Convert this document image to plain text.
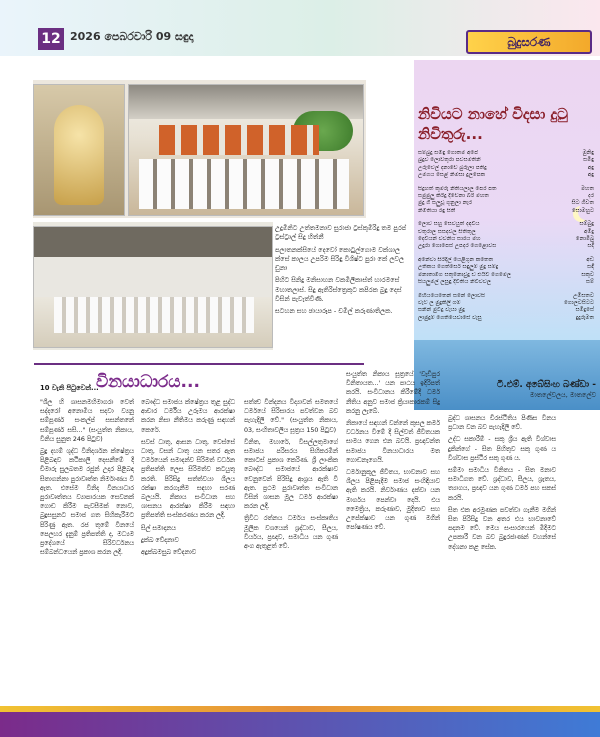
12 2026 පෙබරවාරි 09 සඳුදා	බුදුසරණ

උදුමිනිට උත්තමනාව සුරාජා ට්‍රස්කුමිරිදු තම පුරප් ට්‍රස්ට්‍රාල් සිදු හිත්නී

පලාතනක්සියේ දෙවෝ කොටුල්ගොම වක්ශාල ක්සේ කාලය උපරිම සිරිඳු විශිෂ්ට පුරා කේ ලවල ඩුනා

පිහිට සිනිදු මනිසාහන වකමිලීකාස්ත් හාරමසේ මහාතලාස්. සිදු ඇතිරිස්ත්‍රෙකුට කපිරක බුදු දෙස් විසින් පැවැත්විණි.

සටහන සහ ඡායාරූප - චමිල් කරුණාතිලක.

නිවියට නාහේ විදසා දුටු නිවිතුරු...
සම්බුදු සමිඳු ගොතම අපේ	මුනිඳු
බුදුව ලොව්තුරා පවසමතිනි	සමිඳු
උරුවෙල් දනාවේ බුරුලා පතිදු	අඳු
උමගය සෙළ් නිමසා දුලපෙක	අඳු
සිදුහත් කුමරු නිතියලාල පෙර පත	මහත
සමුමුලු කිරීදු දිවේනා බිරී මහත	දර
මුදු ගී සලුවූ ගුනුලා නැර	සිට ගිවත
නිමිතියා රඳු සිතී	සොමහුට
ලොව සහු සෙවයුත් දඳවිය	සම්බුදු
චතුරාල සසදවල සිතිතුල	අමිදු
දෙවියන් වවනිය සාරය මහ	නොමිබු
උදුරා ගොපෙස් උපදර ගෙළොවස	සදි
අනේවා සිරිදිල් යෙළිගුන කතෙත	අඩ
උතිකය ගෙත්සෙර් සඳුලුම් මුදු සම්දු	සඳි
මනාතාමිග සතුනොවුදු ඩ එයිවී ගෙමෙල	සකුව
සියලුමල් ලසුඳු දිවිතිය නිවිවවල	සම්
මිහියයෙතෙන් සනේ ලොවසි	උමිසතව
වැට් ල මුදුකිලි ගම්	ගොලවසිටට
සනින් මුටිදු වැයා මුදු	සමිදුසේ
ලාමුදුම් ගෙතියෙවාසේ වැසු	දුදුරුමත
ටී.එම්. අබේසිංහ බණ්ඩා -
මාතලේවලය, මාතලේව
10 වැනි පිටුවෙන්...
විනයාධාරය...

"ශීල හි ශාසනමහිමාගරා වෙත් සද්දරෝ අනොමිය සදවා ව්‍යනු සම්පූර්ණ සංකල්ප් සසන්තනේ සම්පූර්ණ සසි..." (සංයුත්ත නිකාය, විනිය සුනුත 246 පිටුව)

බුදු දහම් ශුද්ධ විනිදර්ශන ක්ෂේත්‍රය පිළිබඳව කථිකාලි දෙසනීමේ දී චිමාරු සුලබතම රජුන් උදාර පිළිබඳ සිතාගන්නා පුරාවෘත්ත නිර්මාණය වී ඇත. එසේම විනිද විනයාධාර පුරාවෘත්තය ව්‍යාපාරයක සෙවනක් ගොඩ කිරීම පැවසීමක් නොව, බුදුසසුනට සමාජ ගත සිහිකැරීමට පිරිණු ඇත. රජ තුමේ විනයේ පෙලහර දැනුම් ප්‍රතිපත්ති ද, මධ්‍යම ප්‍රදේශයේ සිරිවර්ධනය සම්බන්ධයෙන් ප්‍රකාශ කරන ලදී.

බෞද්ධ සමාජය ක්ෂේත්‍රය තුළ සුද්ධ ආචාර ධර්මීය උරුමය ආරක්ෂා කරන නිසා නීතිමය කරුණු සඳහන් කෙරේ.

සවස් ධාතු, ආසන ධාතු, වෙස්සේ ධාතු, වසන් ධාතු යන සතර ඇත ධර්මයෙන් සමාදන්ව සිරිමත් වර්ධන ප්‍රතිපත්ති ලෙස සිරිමත්ව කටයුතු කරති. පිරිසිදු සත්ත්වයා ශීලය රක්ෂා කරගැනීම සඳහා සරණ බලයයි. නිකාය සංවිධාන සහ ශාසනය ආරක්ෂා කිරීම සඳහා ප්‍රතිපත්ති සංස්කරණය කරන ලදී.

සිල් සමාදානය

දුක්ඛ වේදනාව

අදුක්ඛමසුඛ වේදනාව

සත්ත්‍ව වින්දනය විද්‍යාවන් සමතයේ ධර්මයේ සිරිසාරය පවත්වන බව පැහැදිලි වේ." (සංයුත්ත නිකාය, 03, සංහිතාවලිය සූත්‍රය 150 පිටුව)

විනිත, මහාරේ, විසල්ලතුමාගේ සමාජය පරිසරය සිහිකරමින් කොටස් ප්‍රකාශ කෙරිණ. ශ්‍රී ලාංකික බෞද්ධ සමාජයේ ආරක්ෂාව වෙනුවෙන් පිරිසිදු ආශ්‍රය ඇති වී ඇත. ප්‍රථම පුරාවෘත්ත සංවිධාන විසින් ශාසන මූල ධර්ම ආරක්ෂා කරන ලදී.

ත්‍රිවිධ රත්නය ධර්මය සංස්කෘතිය මූලික වශයෙන් ශ්‍රද්ධාව, සීලය, වීර්යය, ප්‍රඥාව, සමාධිය යන ගුණ අංග ඇතුළත් වේ.

සංයුත්ත නිකාය සූත්‍රයේ 'වැඩිපුර විනිතායත...' යන පාඨය ඉදිරිපත් කරයි. සංවිධානය කිරීමේදී ධර්ම නීතිය අනුව සමාජ ක්‍රියාකාරකම් සිදු කරනු ලැබේ.

නිකායේ සඳහන් වන්නේ කුසල කර්ම වර්ධනය වීමේ දී සිල්වත් ජීවිතයක සාමය ගෙන එන බවයි. ප්‍රඥාවන්ත සමාජය විනයාධාරය මත ගොඩනැගෙයි.

ධර්මානුකූල ජීවිතය, භාවනාව සහ ශීලය පිළිපැදීම සමාජ සංහිඳියාව ඇති කරයි. නිර්වාණය දක්වා යන මාර්ගය පෙන්වා දෙයි. එය මෛත්‍රිය, කරුණාව, මුදිතාව සහ උපේක්ෂාව යන ගුණ මගින් පෝෂණය වේ.

බුද්ධ ශාසනය චිරස්ථිතිය පිණිස විනය ප්‍රධාන වන බව පැහැදිලි වේ.

උද්ධ සකාරීම් - සකු ශ්‍රීය ඇති විශ්වාස දුකින්ගේ - සිත පිහිතුව සකු ගුණ ය විශ්වාස ප්‍රස්ථිර සකු ගුණ ය.

සම්මා සමාධිය විනිතය - සිත මනාව සමාධිගත වේ. ශ්‍රද්ධාව, සීලය, ශ්‍රැතය, ත්‍යාගය, ප්‍රඥාව යන ගුණ ධර්ම පහ සකස් කරයි.

සිත එක අරමුණක පවත්වා ගැනීම මගින් සිත පිරිසිදු වන අතර එය භාවනාවේ පදනම වේ. මෙය සංසාරයෙන් මිදීමට උපකාරී වන බව බුදුරජාණන් වහන්සේ දේශනා කළ සේක.
